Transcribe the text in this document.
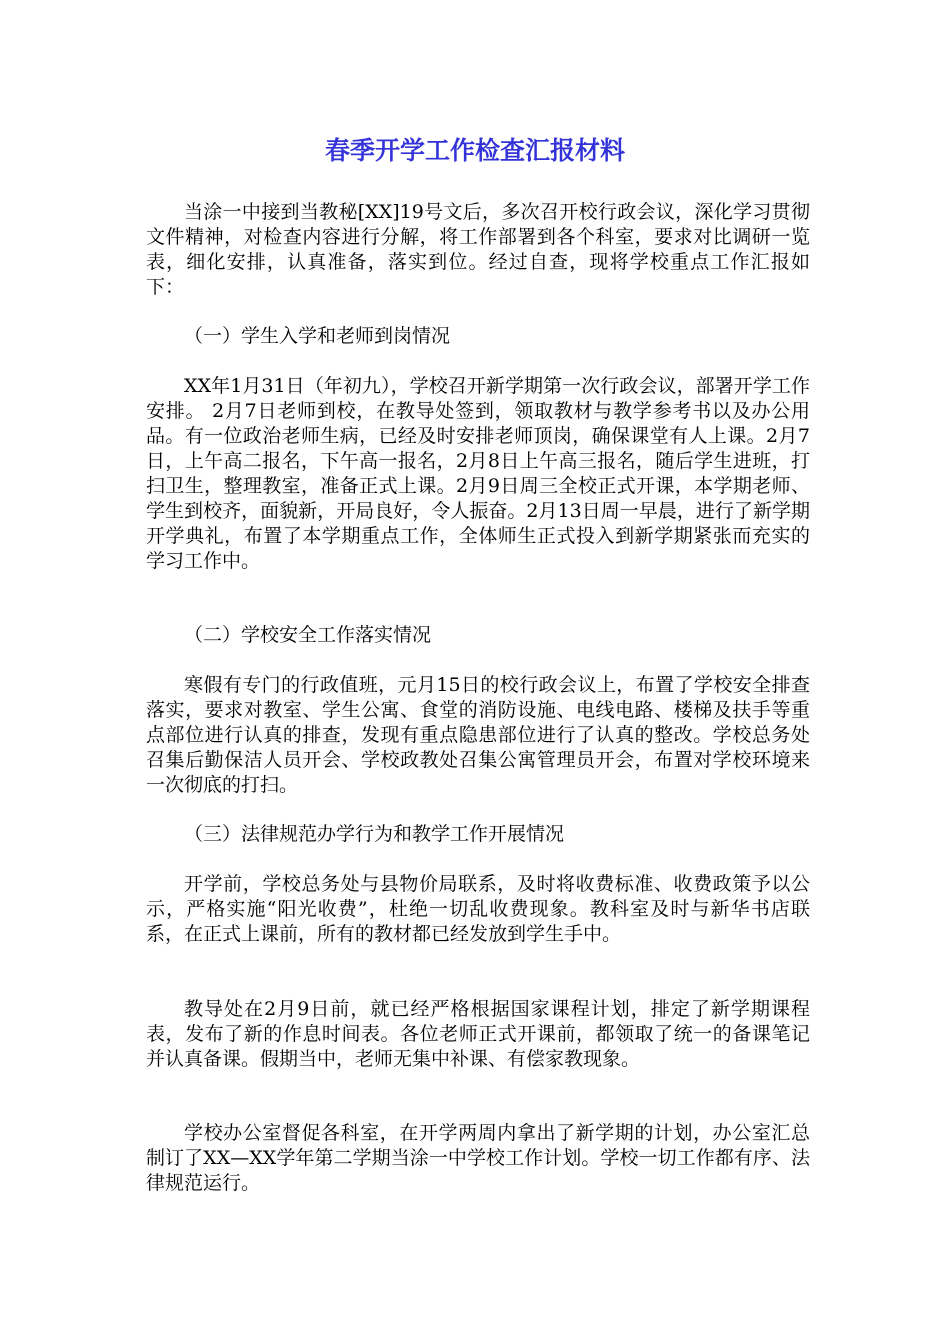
春季开学工作检查汇报材料

当涂一中接到当教秘[XX]19号文后，多次召开校行政会议，深化学习贯彻文件精神，对检查内容进行分解，将工作部署到各个科室，要求对比调研一览表，细化安排，认真准备，落实到位。经过自查，现将学校重点工作汇报如下：

（一）学生入学和老师到岗情况

XX年1月31日（年初九），学校召开新学期第一次行政会议，部署开学工作安排。 2月7日老师到校，在教导处签到，领取教材与教学参考书以及办公用品。有一位政治老师生病，已经及时安排老师顶岗，确保课堂有人上课。2月7日，上午高二报名，下午高一报名，2月8日上午高三报名，随后学生进班，打扫卫生，整理教室，准备正式上课。2月9日周三全校正式开课，本学期老师、学生到校齐，面貌新，开局良好，令人振奋。2月13日周一早晨，进行了新学期开学典礼，布置了本学期重点工作，全体师生正式投入到新学期紧张而充实的学习工作中。

（二）学校安全工作落实情况

寒假有专门的行政值班，元月15日的校行政会议上，布置了学校安全排查落实，要求对教室、学生公寓、食堂的消防设施、电线电路、楼梯及扶手等重点部位进行认真的排查，发现有重点隐患部位进行了认真的整改。学校总务处召集后勤保洁人员开会、学校政教处召集公寓管理员开会，布置对学校环境来一次彻底的打扫。

（三）法律规范办学行为和教学工作开展情况

开学前，学校总务处与县物价局联系，及时将收费标准、收费政策予以公示，严格实施“阳光收费”，杜绝一切乱收费现象。教科室及时与新华书店联系，在正式上课前，所有的教材都已经发放到学生手中。

教导处在2月9日前，就已经严格根据国家课程计划，排定了新学期课程表，发布了新的作息时间表。各位老师正式开课前，都领取了统一的备课笔记并认真备课。假期当中，老师无集中补课、有偿家教现象。

学校办公室督促各科室，在开学两周内拿出了新学期的计划，办公室汇总制订了XX—XX学年第二学期当涂一中学校工作计划。学校一切工作都有序、法律规范运行。
